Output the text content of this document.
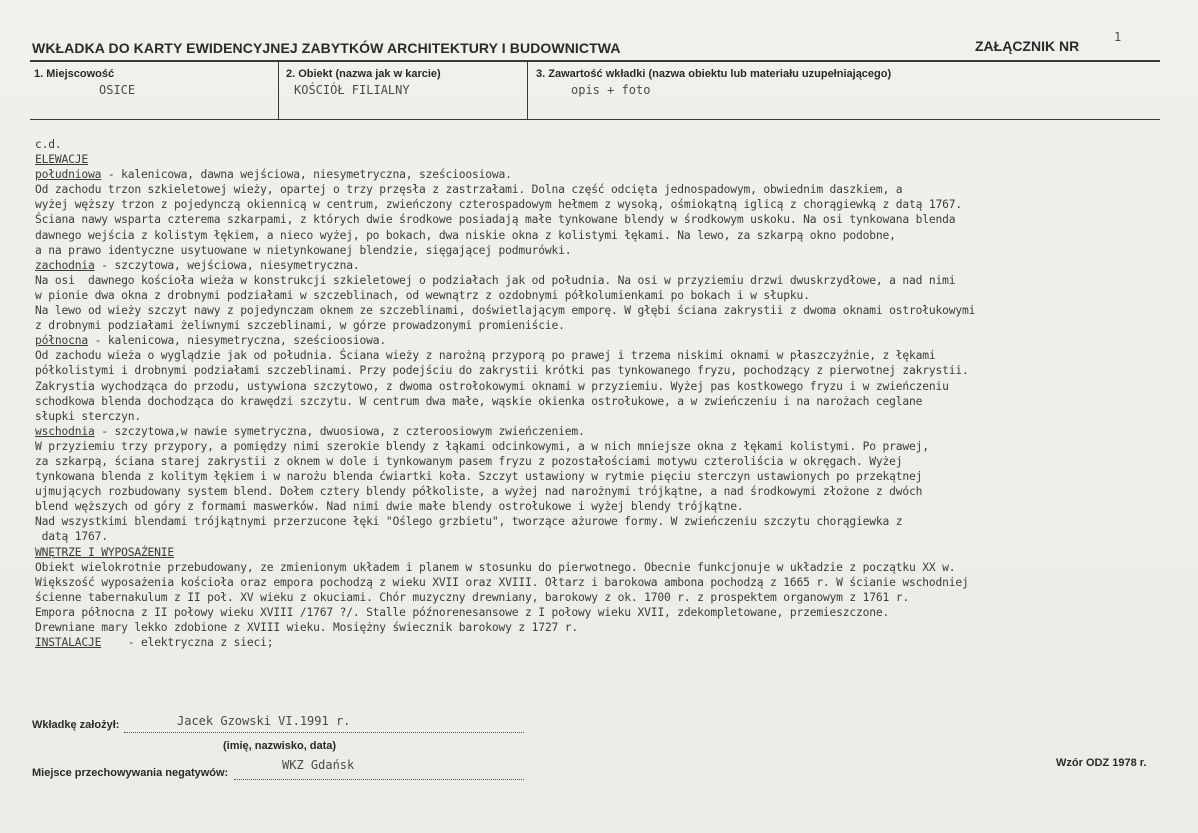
WKŁADKA DO KARTY EWIDENCYJNEJ ZABYTKÓW ARCHITEKTURY I BUDOWNICTWA	ZAŁĄCZNIK NR
1
1. Miejscowość
OSICE
2. Obiekt (nazwa jak w karcie)
KOŚCIÓŁ FILIALNY
3. Zawartość wkładki (nazwa obiektu lub materiału uzupełniającego)
opis + foto
c.d.
ELEWACJE
południowa - kalenicowa, dawna wejściowa, niesymetryczna, sześcioosiowa.
Od zachodu trzon szkieletowej wieży, opartej o trzy przęsła z zastrzałami. Dolna część odcięta jednospadowym, obwiednim daszkiem, a
wyżej węższy trzon z pojedynczą okiennicą w centrum, zwieńczony czterospadowym hełmem z wysoką, ośmiokątną iglicą z chorągiewką z datą 1767.
Ściana nawy wsparta czterema szkarpami, z których dwie środkowe posiadają małe tynkowane blendy w środkowym uskoku. Na osi tynkowana blenda
dawnego wejścia z kolistym łękiem, a nieco wyżej, po bokach, dwa niskie okna z kolistymi łękami. Na lewo, za szkarpą okno podobne,
a na prawo identyczne usytuowane w nietynkowanej blendzie, sięgającej podmurówki.
zachodnia - szczytowa, wejściowa, niesymetryczna.
Na osi  dawnego kościoła wieża w konstrukcji szkieletowej o podziałach jak od południa. Na osi w przyziemiu drzwi dwuskrzydłowe, a nad nimi
w pionie dwa okna z drobnymi podziałami w szczeblinach, od wewnątrz z ozdobnymi półkolumienkami po bokach i w słupku.
Na lewo od wieży szczyt nawy z pojedynczam oknem ze szczeblinami, doświetlającym emporę. W głębi ściana zakrystii z dwoma oknami ostrołukowymi
z drobnymi podziałami żeliwnymi szczeblinami, w górze prowadzonymi promieniście.
północna - kalenicowa, niesymetryczna, sześcioosiowa.
Od zachodu wieża o wyglądzie jak od południa. Ściana wieży z narożną przyporą po prawej i trzema niskimi oknami w płaszczyźnie, z łękami
półkolistymi i drobnymi podziałami szczeblinami. Przy podejściu do zakrystii krótki pas tynkowanego fryzu, pochodzący z pierwotnej zakrystii.
Zakrystia wychodząca do przodu, ustywiona szczytowo, z dwoma ostrołokowymi oknami w przyziemiu. Wyżej pas kostkowego fryzu i w zwieńczeniu
schodkowa blenda dochodząca do krawędzi szczytu. W centrum dwa małe, wąskie okienka ostrołukowe, a w zwieńczeniu i na narożach ceglane
słupki sterczyn.
wschodnia - szczytowa,w nawie symetryczna, dwuosiowa, z czteroosiowym zwieńczeniem.
W przyziemiu trzy przypory, a pomiędzy nimi szerokie blendy z łąkami odcinkowymi, a w nich mniejsze okna z łękami kolistymi. Po prawej,
za szkarpą, ściana starej zakrystii z oknem w dole i tynkowanym pasem fryzu z pozostałościami motywu czteroliścia w okręgach. Wyżej
tynkowana blenda z kolitym łękiem i w narożu blenda ćwiartki koła. Szczyt ustawiony w rytmie pięciu sterczyn ustawionych po przekątnej
ujmujących rozbudowany system blend. Dołem cztery blendy półkoliste, a wyżej nad narożnymi trójkątne, a nad środkowymi złożone z dwóch
blend węższych od góry z formami maswerków. Nad nimi dwie małe blendy ostrołukowe i wyżej blendy trójkątne.
Nad wszystkimi blendami trójkątnymi przerzucone łęki "Oślego grzbietu", tworzące ażurowe formy. W zwieńczeniu szczytu chorągiewka z
datą 1767.
WNĘTRZE I WYPOSAŻENIE
Obiekt wielokrotnie przebudowany, ze zmienionym układem i planem w stosunku do pierwotnego. Obecnie funkcjonuje w układzie z początku XX w.
Większość wyposażenia kościoła oraz empora pochodzą z wieku XVII oraz XVIII. Ołtarz i barokowa ambona pochodzą z 1665 r. W ścianie wschodniej
ścienne tabernakulum z II poł. XV wieku z okuciami. Chór muzyczny drewniany, barokowy z ok. 1700 r. z prospektem organowym z 1761 r.
Empora północna z II połowy wieku XVIII /1767 ?/. Stalle późnorenesansowe z I połowy wieku XVII, zdekompletowane, przemieszczone.
Drewniane mary lekko zdobione z XVIII wieku. Mosiężny świecznik barokowy z 1727 r.
INSTALACJE    - elektryczna z sieci;
Wkładkę założył:	Jacek Gzowski VI.1991 r.
(imię, nazwisko, data)
Miejsce przechowywania negatywów:
WKZ Gdańsk	Wzór ODZ 1978 r.
